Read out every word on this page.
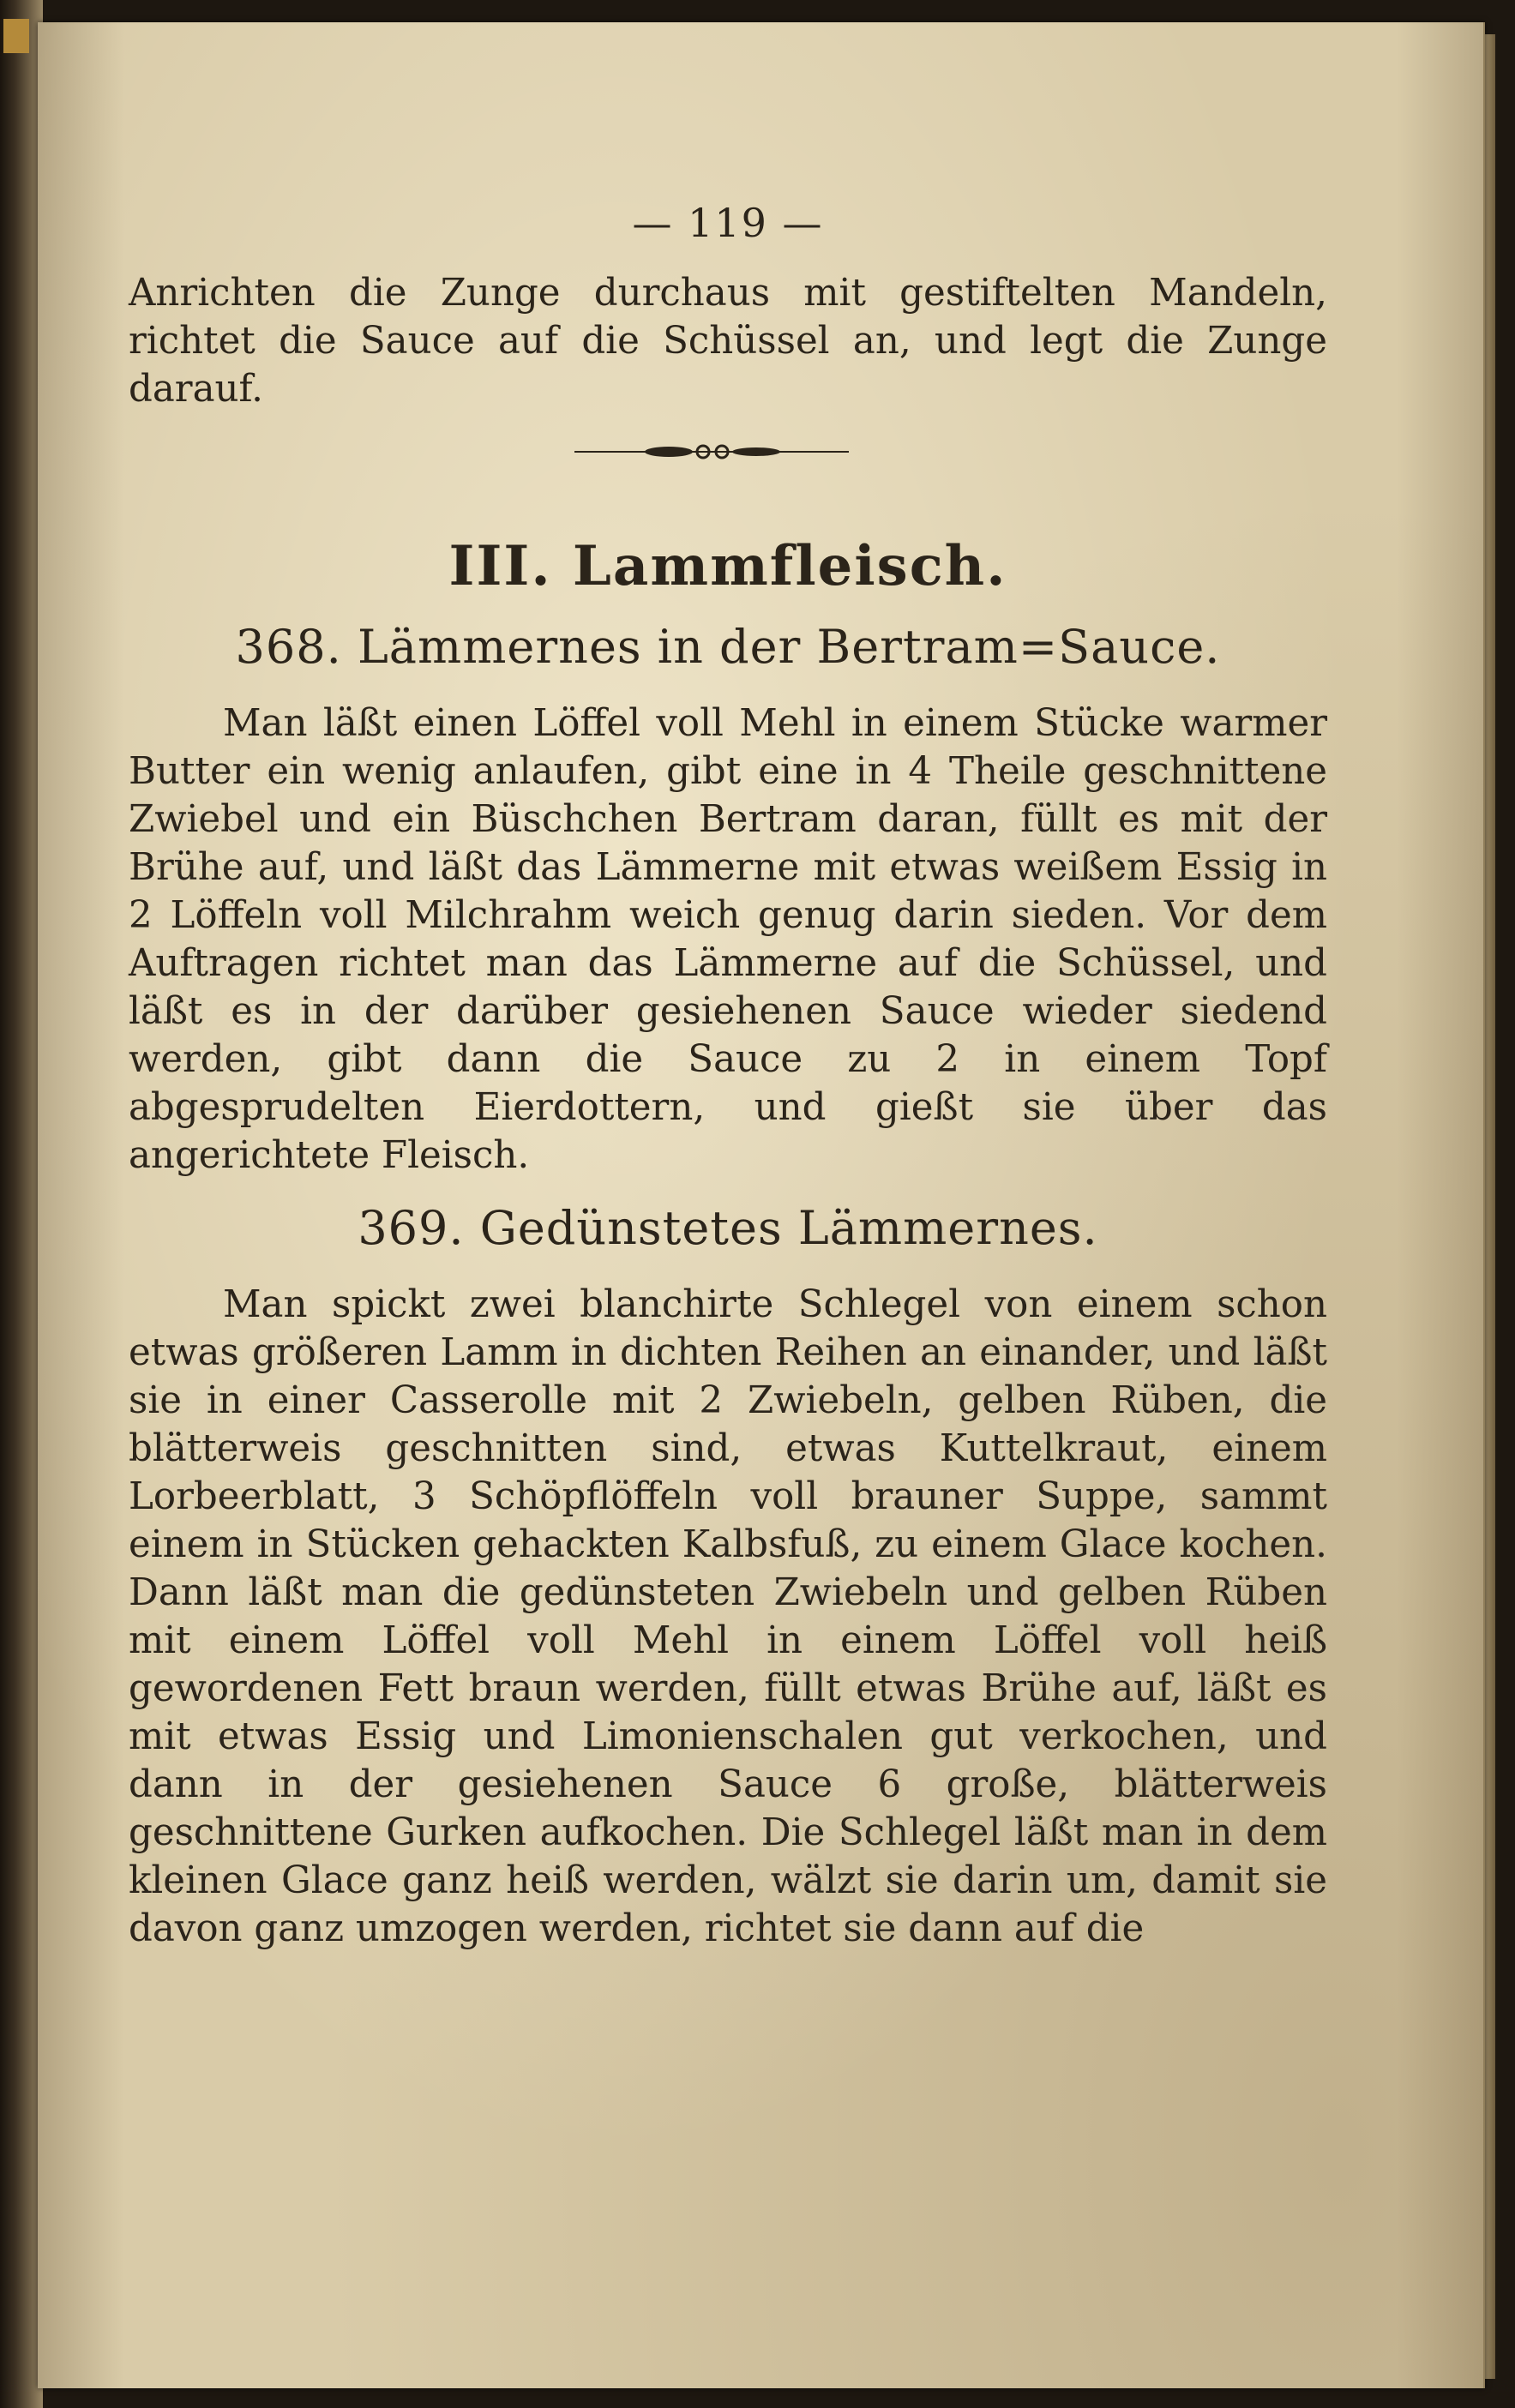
— 119 —

Anrichten die Zunge durchaus mit gestiftelten Mandeln, richtet die Sauce auf die Schüssel an, und legt die Zunge darauf.

III. Lammfleisch.
368. Lämmernes in der Bertram=Sauce.

Man läßt einen Löffel voll Mehl in einem Stücke warmer Butter ein wenig anlaufen, gibt eine in 4 Theile geschnittene Zwiebel und ein Büschchen Bertram daran, füllt es mit der Brühe auf, und läßt das Lämmerne mit etwas weißem Essig in 2 Löffeln voll Milchrahm weich genug darin sieden. Vor dem Auftragen richtet man das Lämmerne auf die Schüssel, und läßt es in der darüber gesiehenen Sauce wieder siedend werden, gibt dann die Sauce zu 2 in einem Topf abgesprudelten Eierdottern, und gießt sie über das angerichtete Fleisch.

369. Gedünstetes Lämmernes.

Man spickt zwei blanchirte Schlegel von einem schon etwas größeren Lamm in dichten Reihen an einander, und läßt sie in einer Casserolle mit 2 Zwiebeln, gelben Rüben, die blätterweis geschnitten sind, etwas Kuttelkraut, einem Lorbeerblatt, 3 Schöpflöffeln voll brauner Suppe, sammt einem in Stücken gehackten Kalbsfuß, zu einem Glace kochen. Dann läßt man die gedünsteten Zwiebeln und gelben Rüben mit einem Löffel voll Mehl in einem Löffel voll heiß gewordenen Fett braun werden, füllt etwas Brühe auf, läßt es mit etwas Essig und Limonienschalen gut verkochen, und dann in der gesiehenen Sauce 6 große, blätterweis geschnittene Gurken aufkochen. Die Schlegel läßt man in dem kleinen Glace ganz heiß werden, wälzt sie darin um, damit sie davon ganz umzogen werden, richtet sie dann auf die
